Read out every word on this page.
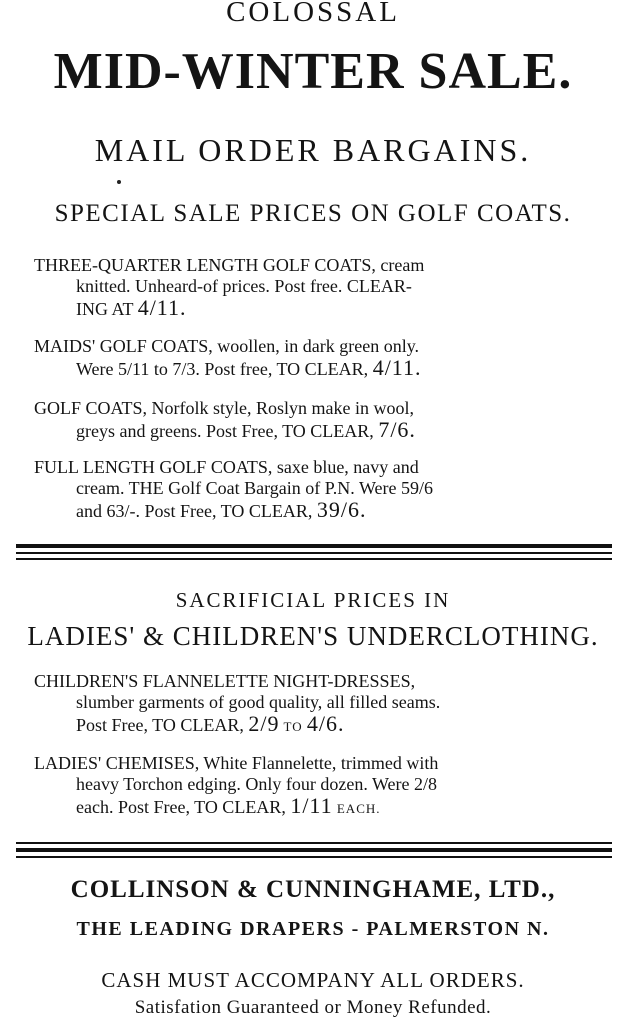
COLOSSAL
MID-WINTER SALE.
MAIL ORDER BARGAINS.
SPECIAL SALE PRICES ON GOLF COATS.
THREE-QUARTER LENGTH GOLF COATS, cream
knitted. Unheard-of prices. Post free. CLEAR-
ING AT 4/11.
MAIDS' GOLF COATS, woollen, in dark green only.
Were 5/11 to 7/3. Post free, TO CLEAR, 4/11.
GOLF COATS, Norfolk style, Roslyn make in wool,
greys and greens. Post Free, TO CLEAR, 7/6.
FULL LENGTH GOLF COATS, saxe blue, navy and
cream. THE Golf Coat Bargain of P.N. Were 59/6
and 63/-. Post Free, TO CLEAR, 39/6.
SACRIFICIAL PRICES IN
LADIES' & CHILDREN'S UNDERCLOTHING.
CHILDREN'S FLANNELETTE NIGHT-DRESSES,
slumber garments of good quality, all filled seams.
Post Free, TO CLEAR, 2/9 TO 4/6.
LADIES' CHEMISES, White Flannelette, trimmed with
heavy Torchon edging. Only four dozen. Were 2/8
each. Post Free, TO CLEAR, 1/11 EACH.
COLLINSON & CUNNINGHAME, LTD.,
THE LEADING DRAPERS - PALMERSTON N.
CASH MUST ACCOMPANY ALL ORDERS.
Satisfation Guaranteed or Money Refunded.
